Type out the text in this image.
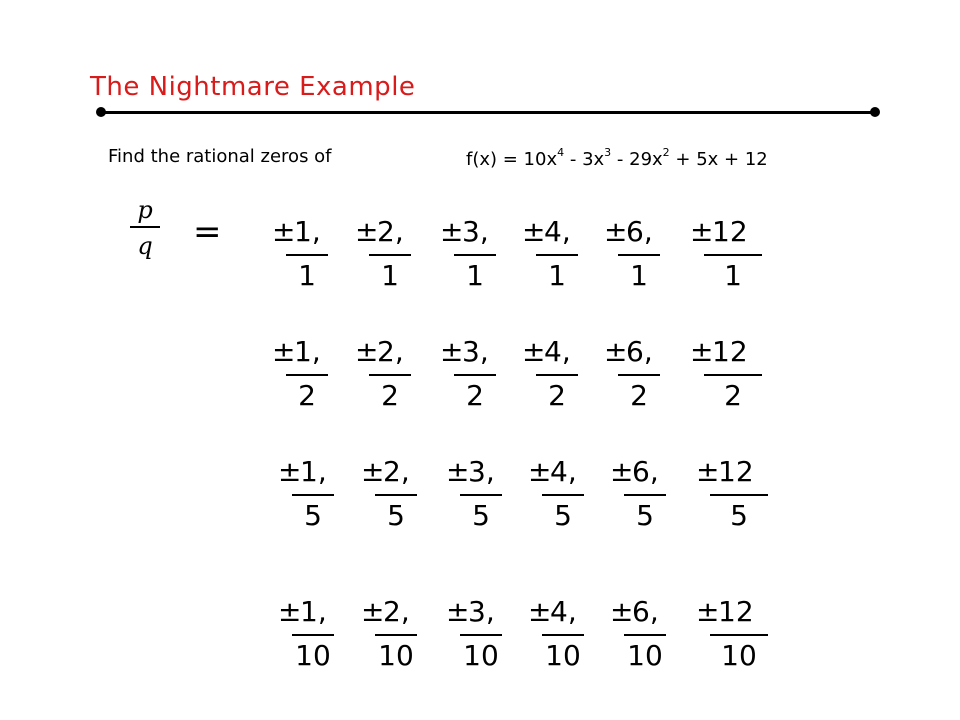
The Nightmare Example
Find the rational zeros of	$f(x) = 10x^4 - 3x^3 - 29x^2 + 5x + 12$
p
q = ±1,
1
±2,
1
±3,
1
±4,
1
±6,
1
±12
1
±1,
2
±2,
2
±3,
2
±4,
2
±6,
2
±12
2
±1,
5
±2,
5
±3,
5
±4,
5
±6,
5
±12
5
±1,
10
±2,
10
±3,
10
±4,
10
±6,
10
±12
10
